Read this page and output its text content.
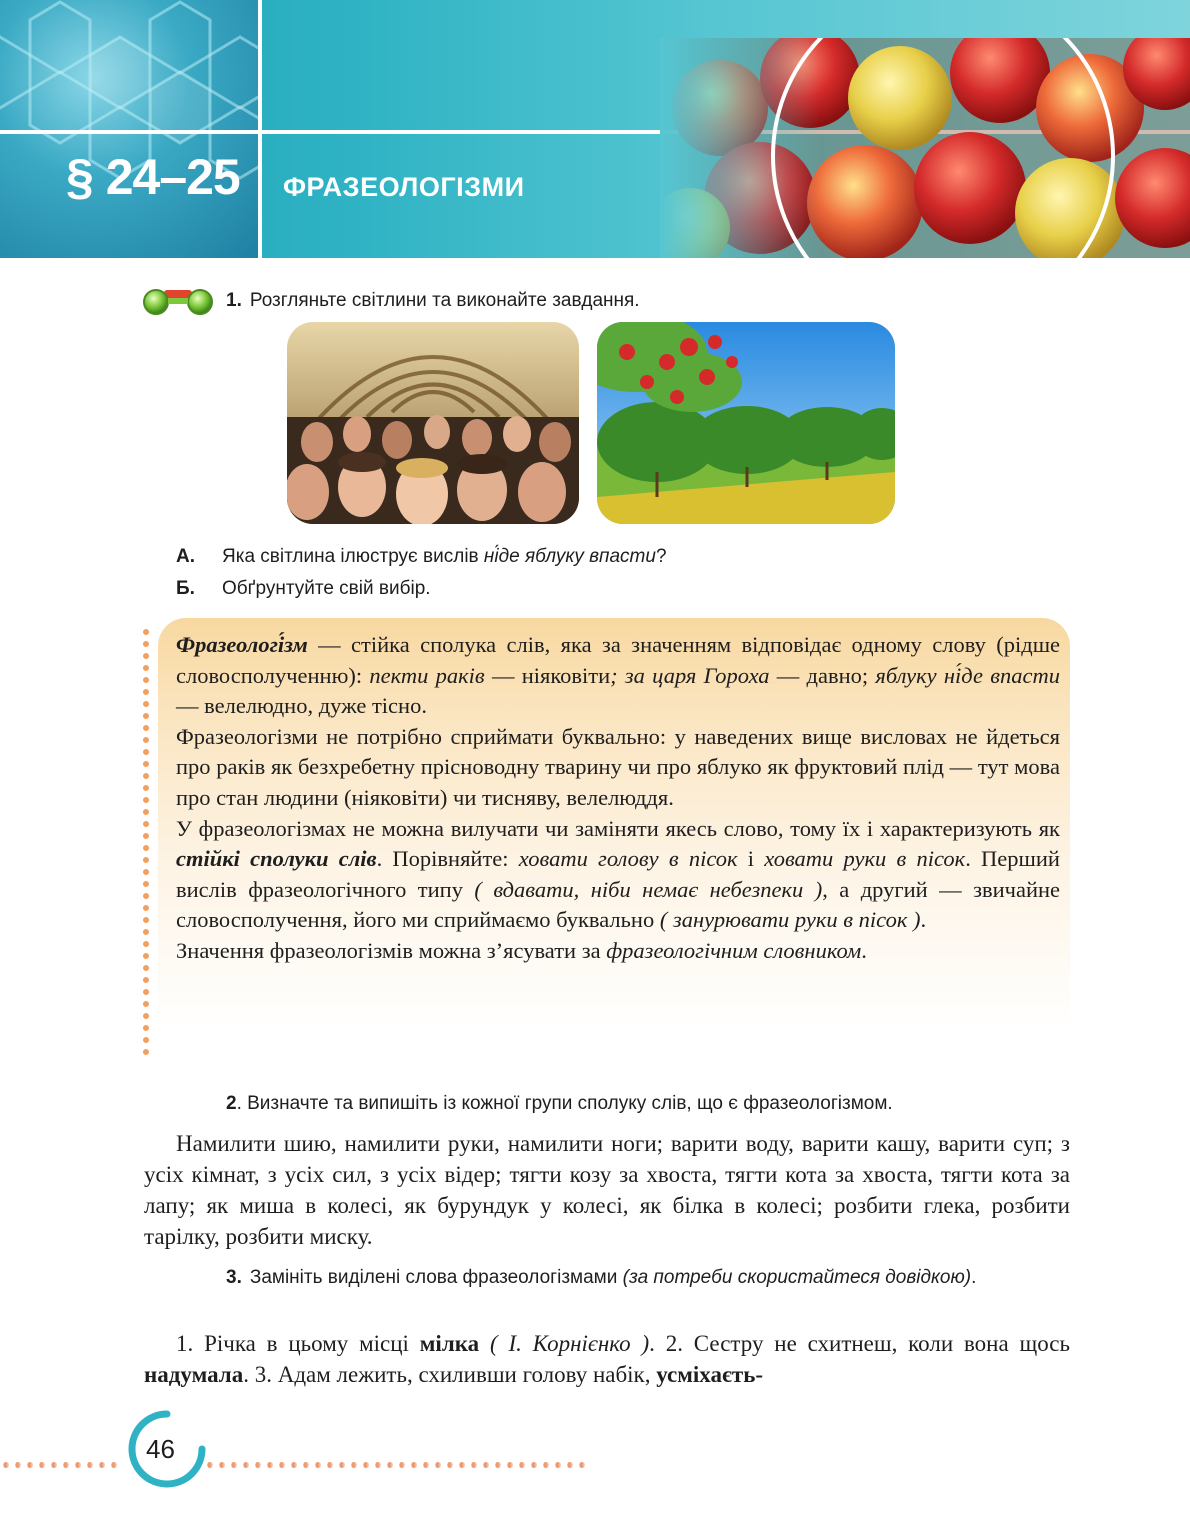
§ 24–25 ФРАЗЕОЛОГІЗМИ
1. Розгляньте світлини та виконайте завдання.
А. Яка світлина ілюструє вислів ні́де яблуку впасти?
Б. Обґрунтуйте свій вибір.

Фразеологі́зм — стійка сполука слів, яка за значенням відповідає одному слову (рідше словосполученню): пекти раків — ніяковіти; за царя Гороха — давно; яблуку ні́де впасти — велелюдно, дуже тісно.

Фразеологізми не потрібно сприймати буквально: у наведених вище висловах не йдеться про раків як безхребетну прісноводну тварину чи про яблуко як фруктовий плід — тут мова про стан людини (ніяковіти) чи тисняву, велелюддя.

У фразеологізмах не можна вилучати чи заміняти якесь слово, тому їх і характеризують як стійкі сполуки слів. Порівняйте: ховати голову в пісок і ховати руки в пісок. Перший вислів фразеологічного типу ( вдавати, ніби немає небезпеки ), а другий — звичайне словосполучення, його ми сприймаємо буквально ( занурювати руки в пісок ).

Значення фразеологізмів можна з’ясувати за фразеологічним словником.

2. Визначте та випишіть із кожної групи сполуку слів, що є фразеологізмом.

Намилити шию, намилити руки, намилити ноги; варити воду, варити кашу, варити суп; з усіх кімнат, з усіх сил, з усіх відер; тягти козу за хвоста, тягти кота за хвоста, тягти кота за лапу; як миша в колесі, як бурундук у колесі, як білка в колесі; розбити глека, розбити тарілку, розбити миску.

3. Замініть виділені слова фразеологізмами (за потреби скористайтеся довідкою).

1. Річка в цьому місці мілка ( І. Корнієнко ). 2. Сестру не схитнеш, коли вона щось надумала. 3. Адам лежить, схиливши голову набік, усміхаєть-

46
